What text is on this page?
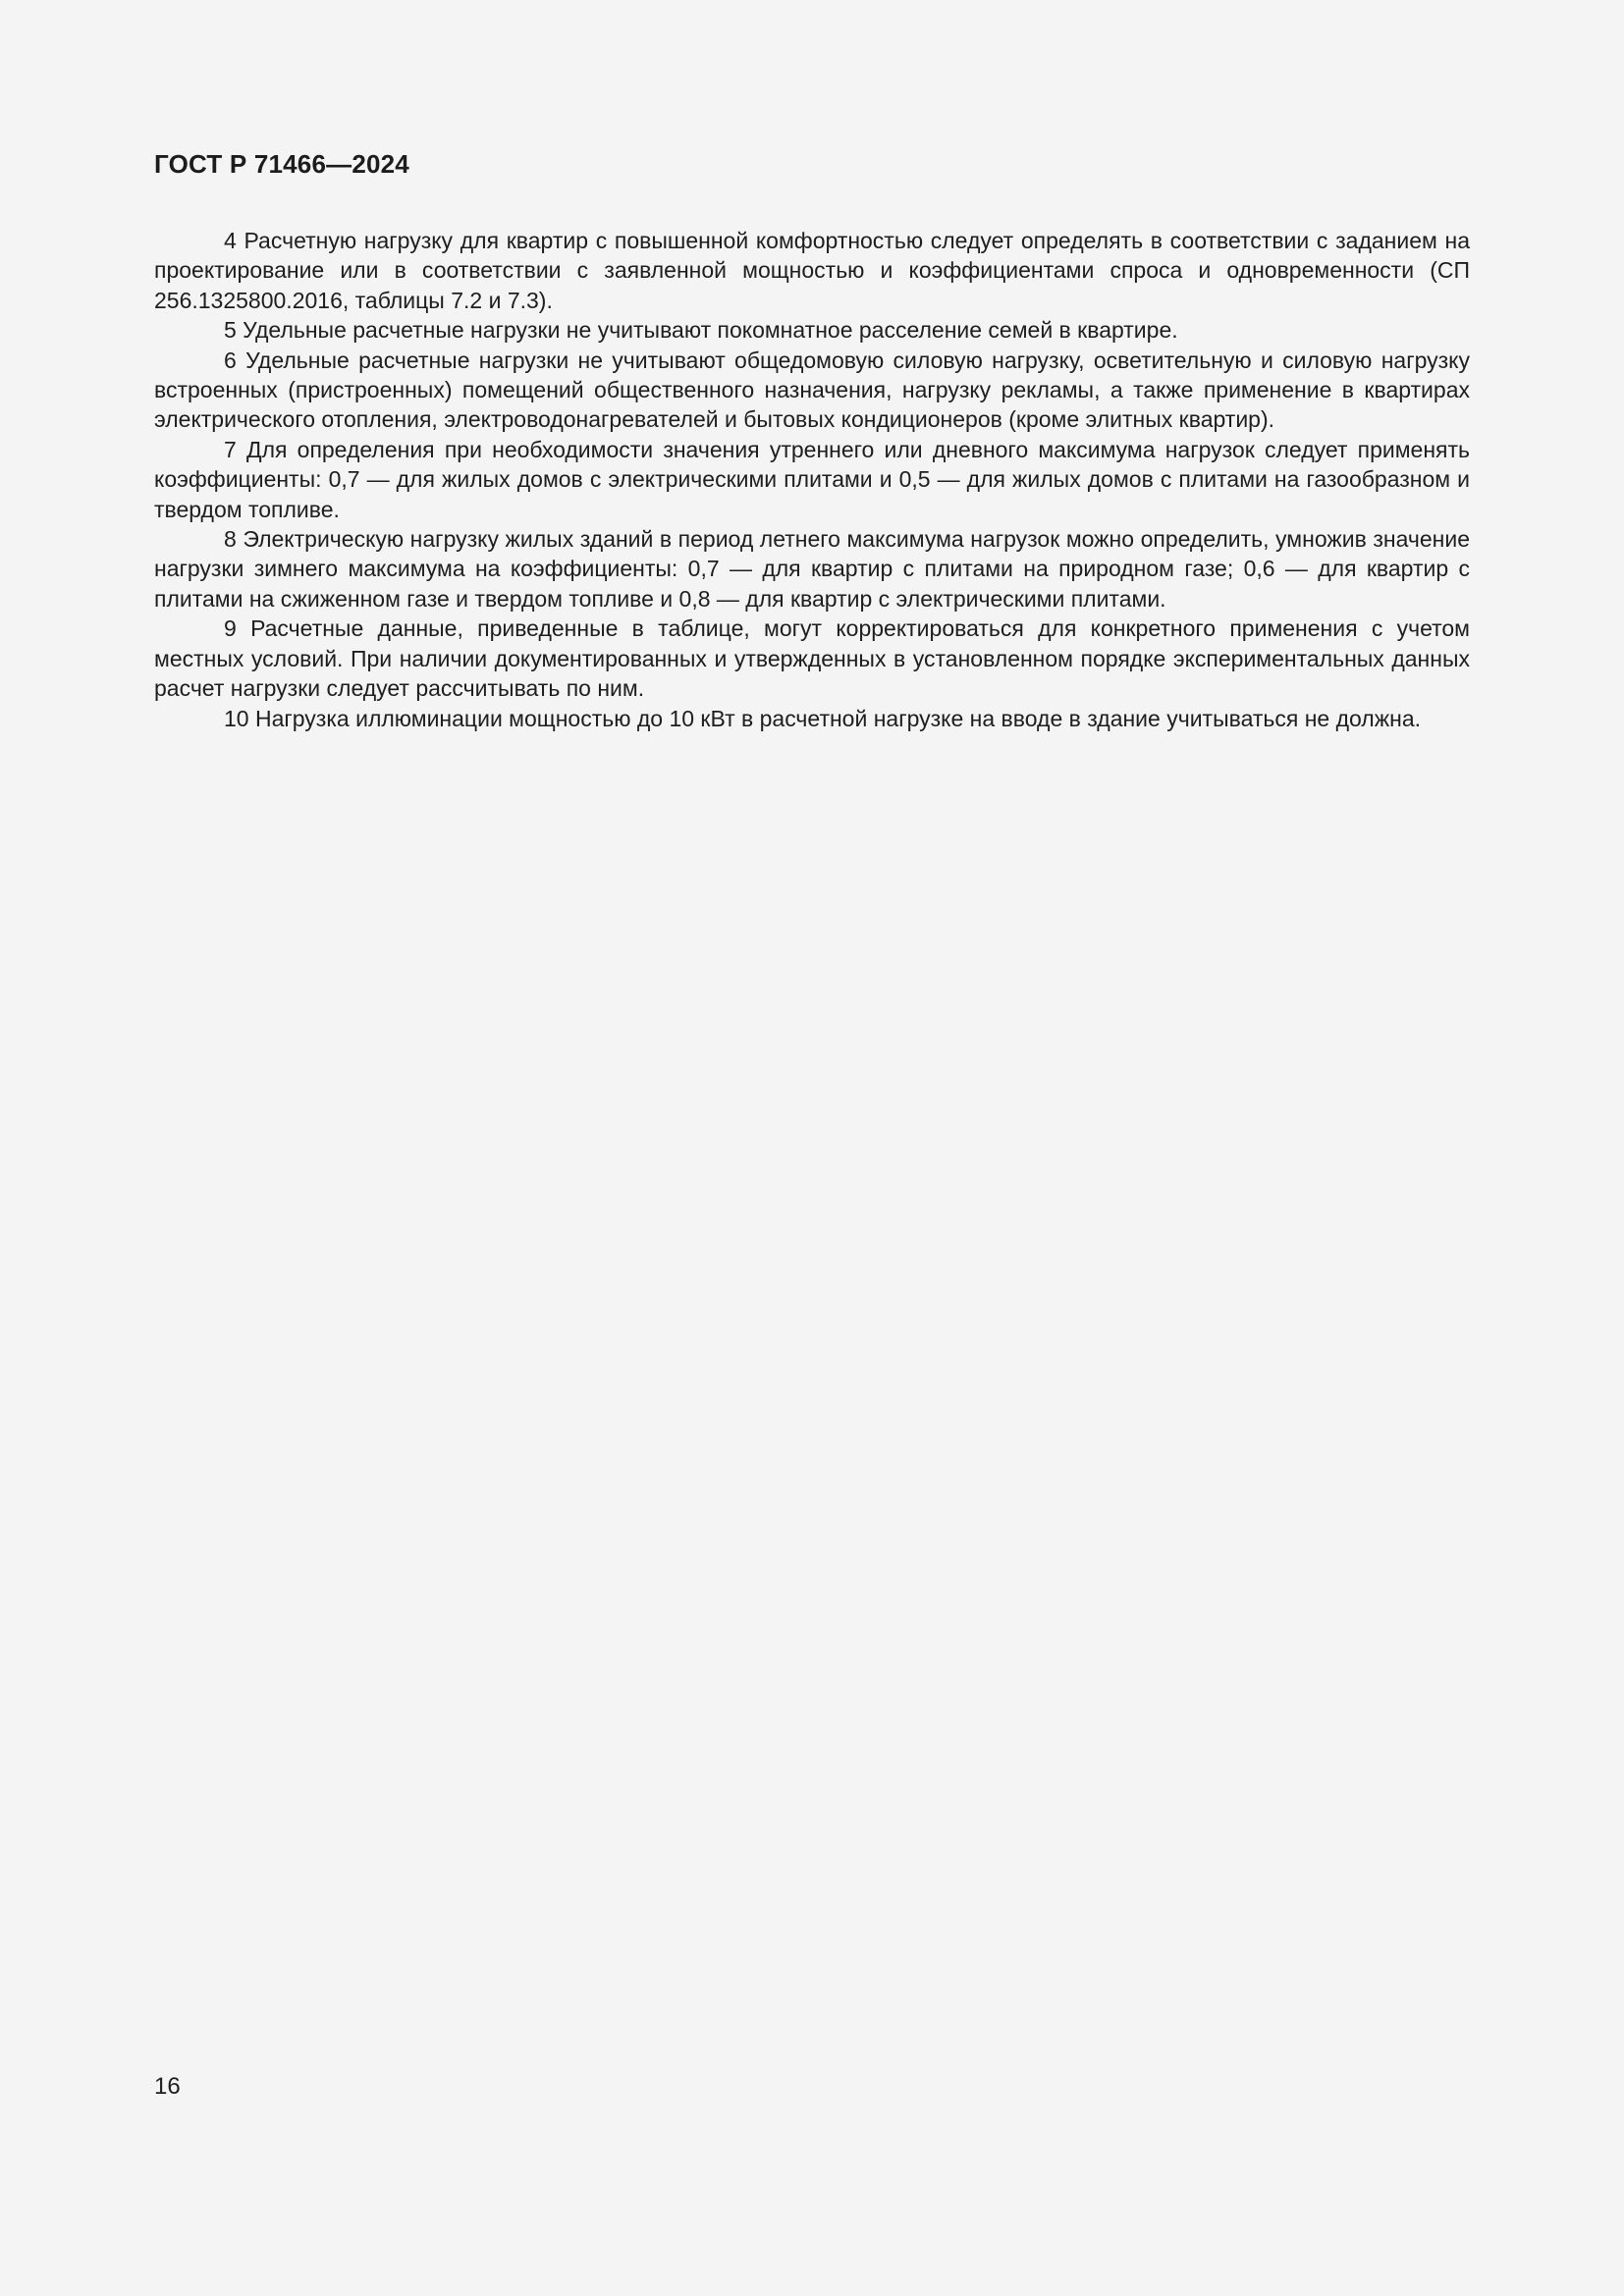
ГОСТ Р 71466—2024

4 Расчетную нагрузку для квартир с повышенной комфортностью следует определять в соответствии с заданием на проектирование или в соответствии с заявленной мощностью и коэффициентами спроса и одновременности (СП 256.1325800.2016, таблицы 7.2 и 7.3).

5 Удельные расчетные нагрузки не учитывают покомнатное расселение семей в квартире.

6 Удельные расчетные нагрузки не учитывают общедомовую силовую нагрузку, осветительную и силовую нагрузку встроенных (пристроенных) помещений общественного назначения, нагрузку рекламы, а также применение в квартирах электрического отопления, электроводонагревателей и бытовых кондиционеров (кроме элитных квартир).

7 Для определения при необходимости значения утреннего или дневного максимума нагрузок следует применять коэффициенты: 0,7 — для жилых домов с электрическими плитами и 0,5 — для жилых домов с плитами на газообразном и твердом топливе.

8 Электрическую нагрузку жилых зданий в период летнего максимума нагрузок можно определить, умножив значение нагрузки зимнего максимума на коэффициенты: 0,7 — для квартир с плитами на природном газе; 0,6 — для квартир с плитами на сжиженном газе и твердом топливе и 0,8 — для квартир с электрическими плитами.

9 Расчетные данные, приведенные в таблице, могут корректироваться для конкретного применения с учетом местных условий. При наличии документированных и утвержденных в установленном порядке экспериментальных данных расчет нагрузки следует рассчитывать по ним.

10 Нагрузка иллюминации мощностью до 10 кВт в расчетной нагрузке на вводе в здание учитываться не должна.

16
